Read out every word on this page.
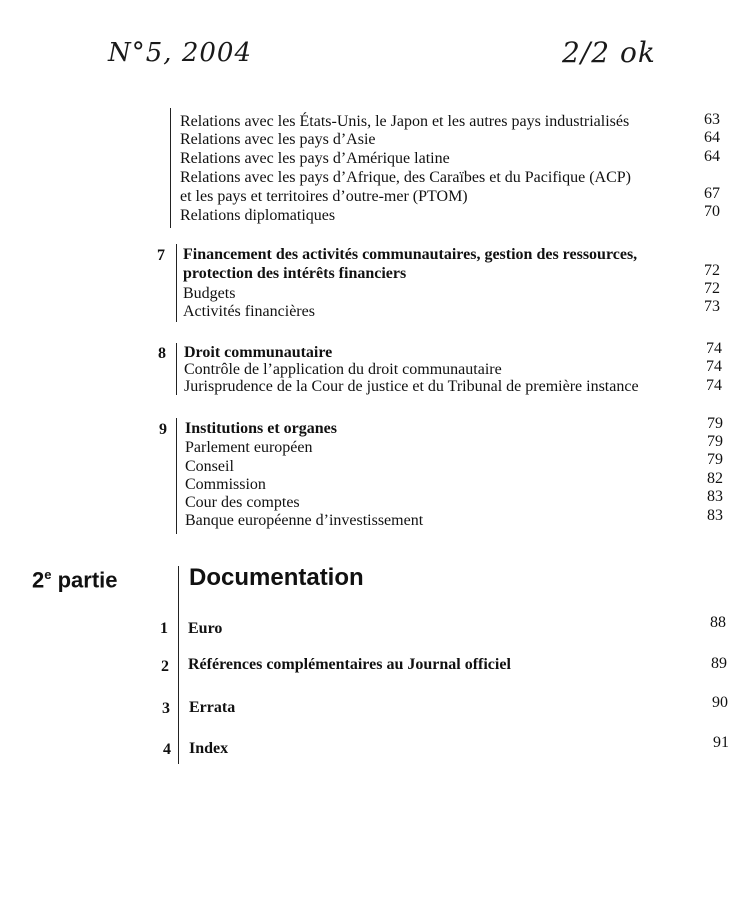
N°5, 2004	2/2 ok
Relations avec les États-Unis, le Japon et les autres pays industrialisés	63
Relations avec les pays d’Asie	64
Relations avec les pays d’Amérique latine	64
Relations avec les pays d’Afrique, des Caraïbes et du Pacifique (ACP)
et les pays et territoires d’outre-mer (PTOM)	67
Relations diplomatiques	70
7 Financement des activités communautaires, gestion des ressources,
protection des intérêts financiers	72
Budgets	72
Activités financières	73
8 Droit communautaire	74
Contrôle de l’application du droit communautaire	74
Jurisprudence de la Cour de justice et du Tribunal de première instance	74
9 Institutions et organes	79
Parlement européen	79
Conseil	79
Commission	82
Cour des comptes	83
Banque européenne d’investissement	83
2e partie	Documentation
1 Euro	88
2 Références complémentaires au Journal officiel	89
3 Errata	90
4 Index	91
